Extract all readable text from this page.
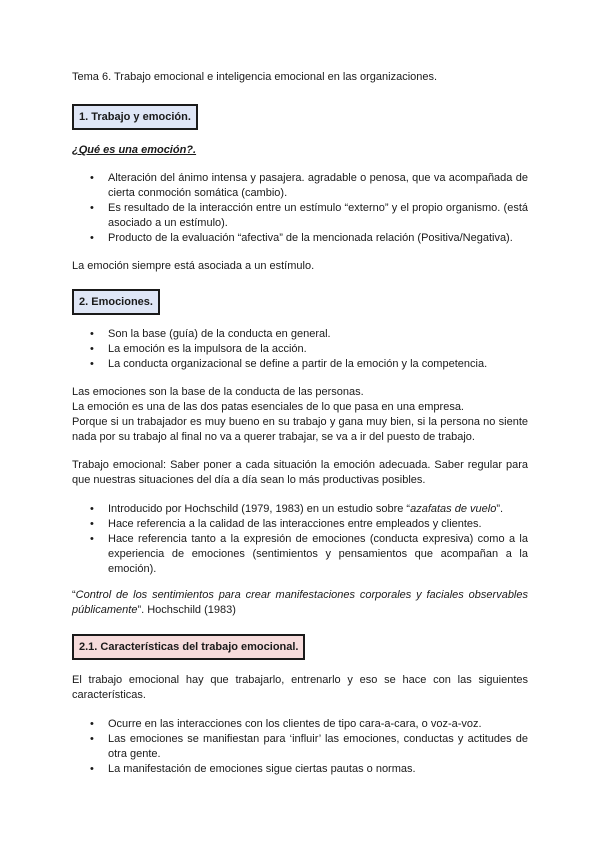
Tema 6. Trabajo emocional e inteligencia emocional en las organizaciones.
1. Trabajo y emoción.
¿Qué es una emoción?.
• Alteración del ánimo intensa y pasajera. agradable o penosa, que va acompañada de cierta conmoción somática (cambio).
• Es resultado de la interacción entre un estímulo “externo” y el propio organismo. (está asociado a un estímulo).
• Producto de la evaluación “afectiva” de la mencionada relación (Positiva/Negativa).
La emoción siempre está asociada a un estímulo.
2. Emociones.
• Son la base (guía) de la conducta en general.
• La emoción es la impulsora de la acción.
• La conducta organizacional se define a partir de la emoción y la competencia.
Las emociones son la base de la conducta de las personas.
La emoción es una de las dos patas esenciales de lo que pasa en una empresa.
Porque si un trabajador es muy bueno en su trabajo y gana muy bien, si la persona no siente nada por su trabajo al final no va a querer trabajar, se va a ir del puesto de trabajo.
Trabajo emocional: Saber poner a cada situación la emoción adecuada. Saber regular para que nuestras situaciones del día a día sean lo más productivas posibles.
• Introducido por Hochschild (1979, 1983) en un estudio sobre “azafatas de vuelo”.
• Hace referencia a la calidad de las interacciones entre empleados y clientes.
• Hace referencia tanto a la expresión de emociones (conducta expresiva) como a la experiencia de emociones (sentimientos y pensamientos que acompañan a la emoción).
“Control de los sentimientos para crear manifestaciones corporales y faciales observables públicamente”. Hochschild (1983)
2.1. Características del trabajo emocional.
El trabajo emocional hay que trabajarlo, entrenarlo y eso se hace con las siguientes características.
• Ocurre en las interacciones con los clientes de tipo cara-a-cara, o voz-a-voz.
• Las emociones se manifiestan para ‘influir’ las emociones, conductas y actitudes de otra gente.
• La manifestación de emociones sigue ciertas pautas o normas.
